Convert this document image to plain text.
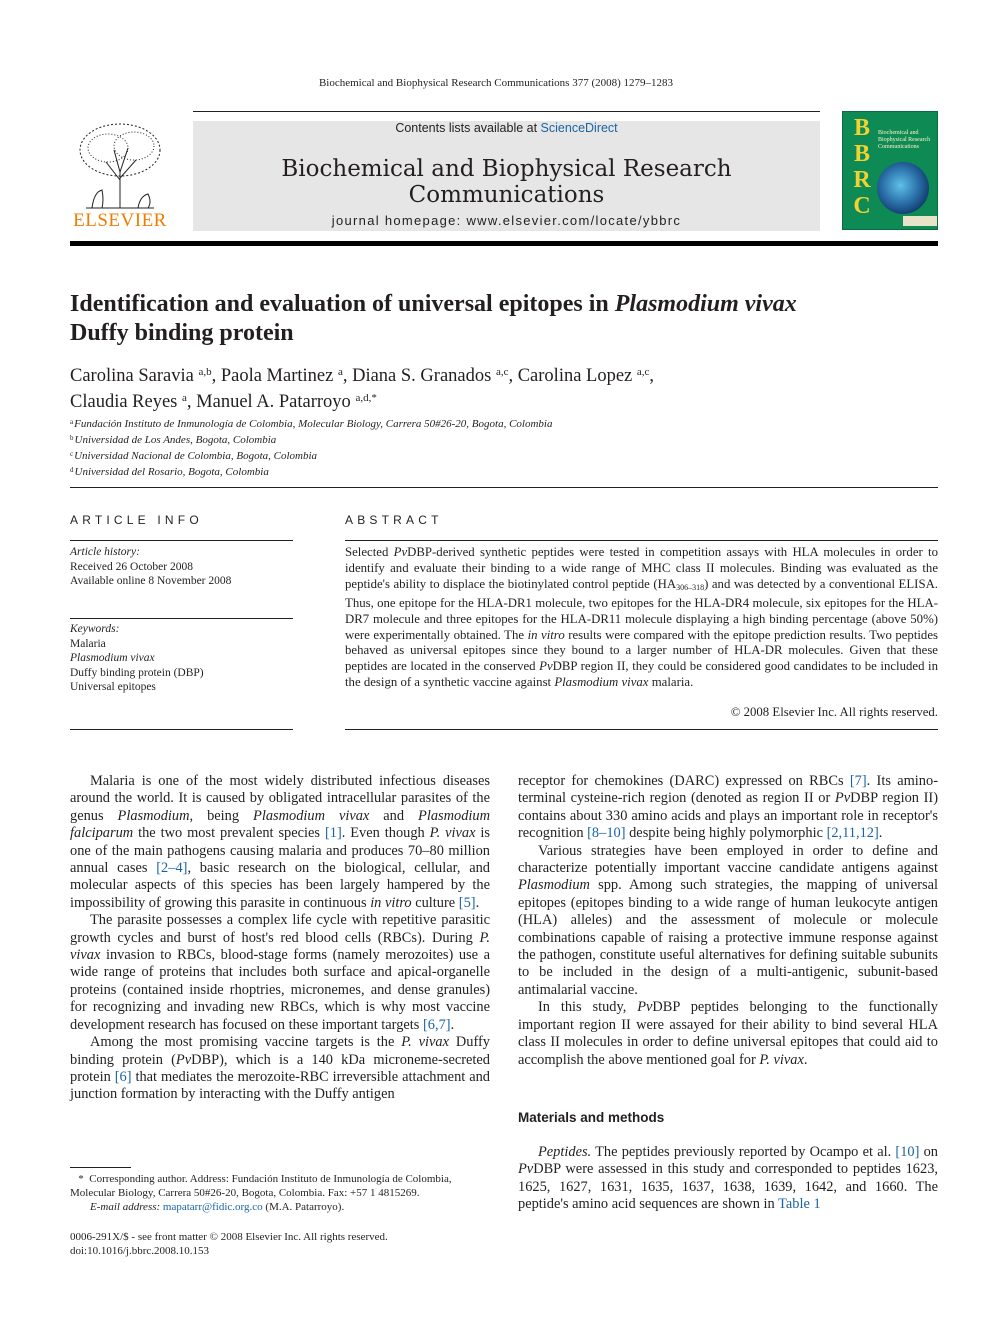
Biochemical and Biophysical Research Communications 377 (2008) 1279–1283
ELSEVIER
Contents lists available at ScienceDirect
Biochemical and Biophysical Research Communications
journal homepage: www.elsevier.com/locate/ybbrc
B
B
R
C
Biochemical and Biophysical Research Communications
Identification and evaluation of universal epitopes in Plasmodium vivax
Duffy binding protein
Carolina Saravia $^{a,b}$, Paola Martinez $^a$, Diana S. Granados $^{a,c}$, Carolina Lopez $^{a,c}$,
Claudia Reyes $^a$, Manuel A. Patarroyo $^{a,d,*}$
$^a$Fundación Instituto de Inmunología de Colombia, Molecular Biology, Carrera 50#26-20, Bogota, Colombia
$^b$Universidad de Los Andes, Bogota, Colombia
$^c$Universidad Nacional de Colombia, Bogota, Colombia
$^d$Universidad del Rosario, Bogota, Colombia
ARTICLE INFO
Article history:
Received 26 October 2008
Available online 8 November 2008
Keywords:
Malaria
Plasmodium vivax
Duffy binding protein (DBP)
Universal epitopes
ABSTRACT
Selected PvDBP-derived synthetic peptides were tested in competition assays with HLA molecules in order to identify and evaluate their binding to a wide range of MHC class II molecules. Binding was evaluated as the peptide's ability to displace the biotinylated control peptide $(HA_{306-318})$ and was detected by a conventional ELISA. Thus, one epitope for the HLA-DR1 molecule, two epitopes for the HLA-DR4 molecule, six epitopes for the HLA-DR7 molecule and three epitopes for the HLA-DR11 molecule displaying a high binding percentage (above 50%) were experimentally obtained. The in vitro results were compared with the epitope prediction results. Two peptides behaved as universal epitopes since they bound to a larger number of HLA-DR molecules. Given that these peptides are located in the conserved PvDBP region II, they could be considered good candidates to be included in the design of a synthetic vaccine against Plasmodium vivax malaria.
© 2008 Elsevier Inc. All rights reserved.

Malaria is one of the most widely distributed infectious diseases around the world. It is caused by obligated intracellular parasites of the genus Plasmodium, being Plasmodium vivax and Plasmodium falciparum the two most prevalent species [1]. Even though P. vivax is one of the main pathogens causing malaria and produces 70–80 million annual cases [2–4], basic research on the biological, cellular, and molecular aspects of this species has been largely hampered by the impossibility of growing this parasite in continuous in vitro culture [5].

The parasite possesses a complex life cycle with repetitive parasitic growth cycles and burst of host's red blood cells (RBCs). During P. vivax invasion to RBCs, blood-stage forms (namely merozoites) use a wide range of proteins that includes both surface and apical-organelle proteins (contained inside rhoptries, micronemes, and dense granules) for recognizing and invading new RBCs, which is why most vaccine development research has focused on these important targets [6,7].

Among the most promising vaccine targets is the P. vivax Duffy binding protein (PvDBP), which is a 140 kDa microneme-secreted protein [6] that mediates the merozoite-RBC irreversible attachment and junction formation by interacting with the Duffy antigen

receptor for chemokines (DARC) expressed on RBCs [7]. Its amino-terminal cysteine-rich region (denoted as region II or PvDBP region II) contains about 330 amino acids and plays an important role in receptor's recognition [8–10] despite being highly polymorphic [2,11,12].

Various strategies have been employed in order to define and characterize potentially important vaccine candidate antigens against Plasmodium spp. Among such strategies, the mapping of universal epitopes (epitopes binding to a wide range of human leukocyte antigen (HLA) alleles) and the assessment of molecule or molecule combinations capable of raising a protective immune response against the pathogen, constitute useful alternatives for defining suitable subunits to be included in the design of a multi-antigenic, subunit-based antimalarial vaccine.

In this study, PvDBP peptides belonging to the functionally important region II were assayed for their ability to bind several HLA class II molecules in order to define universal epitopes that could aid to accomplish the above mentioned goal for P. vivax.

Materials and methods

Peptides. The peptides previously reported by Ocampo et al. [10] on PvDBP were assessed in this study and corresponded to peptides 1623, 1625, 1627, 1631, 1635, 1637, 1638, 1639, 1642, and 1660. The peptide's amino acid sequences are shown in Table 1

*  Corresponding author. Address: Fundación Instituto de Inmunología de Colombia, Molecular Biology, Carrera 50#26-20, Bogota, Colombia. Fax: +57 1 4815269.
E-mail address: mapatarr@fidic.org.co (M.A. Patarroyo).
0006-291X/$ - see front matter © 2008 Elsevier Inc. All rights reserved.
doi:10.1016/j.bbrc.2008.10.153
